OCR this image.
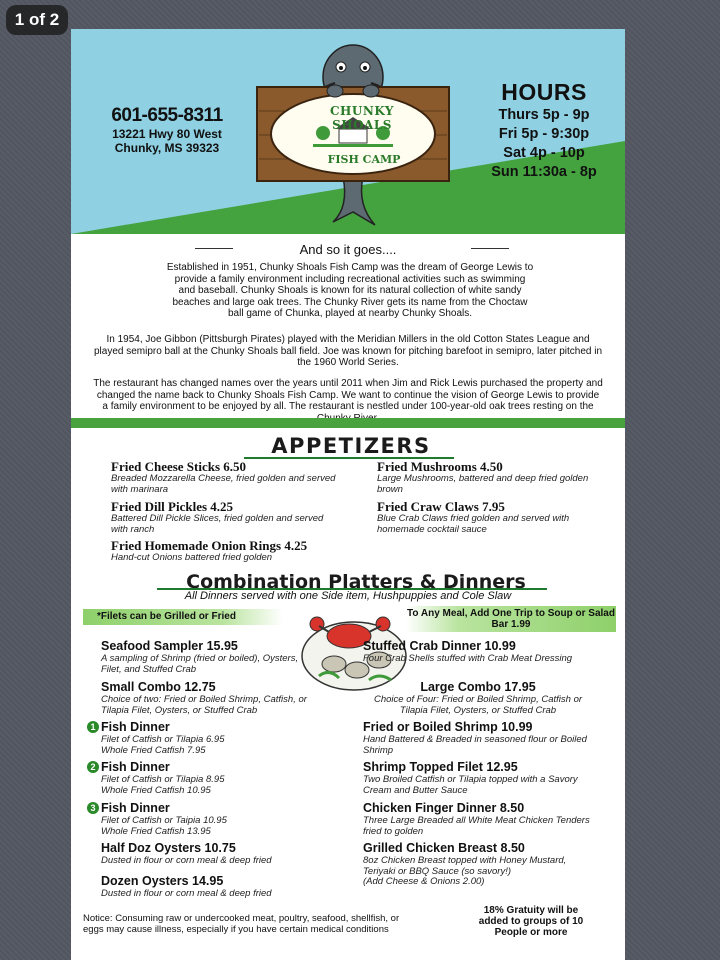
1 of 2
601-655-8311
13221 Hwy 80 West
Chunky, MS 39323
CHUNKY SHOALS
FISH CAMP
HOURS
Thurs 5p - 9p
Fri 5p - 9:30p
Sat 4p - 10p
Sun 11:30a - 8p
And so it goes....

Established in 1951, Chunky Shoals Fish Camp was the dream of George Lewis to provide a family environment including recreational activities such as swimming and baseball. Chunky Shoals is known for its natural collection of white sandy beaches and large oak trees. The Chunky River gets its name from the Choctaw ball game of Chunka, played at nearby Chunky Shoals.

In 1954, Joe Gibbon (Pittsburgh Pirates) played with the Meridian Millers in the old Cotton States League and played semipro ball at the Chunky Shoals ball field. Joe was known for pitching barefoot in semipro, later pitched in the 1960 World Series.

The restaurant has changed names over the years until 2011 when Jim and Rick Lewis purchased the property and changed the name back to Chunky Shoals Fish Camp. We want to continue the vision of George Lewis to provide a family environment to be enjoyed by all. The restaurant is nestled under 100-year-old oak trees resting on the

APPETIZERS
Fried Cheese Sticks 6.50
Breaded Mozzarella Cheese, fried golden and served with marinara
Fried Dill Pickles 4.25
Battered Dill Pickle Slices, fried golden and served with ranch
Fried Homemade Onion Rings 4.25
Hand-cut Onions battered fried golden
Fried Mushrooms 4.50
Large Mushrooms, battered and deep fried golden brown
Fried Craw Claws 7.95
Blue Crab Claws fried golden and served with homemade cocktail sauce
Combination Platters & Dinners
All Dinners served with one Side item, Hushpuppies and Cole Slaw
*Filets can be Grilled or Fried	To Any Meal, Add One Trip to Soup or Salad Bar 1.99
Seafood Sampler 15.95
A sampling of Shrimp (fried or boiled), Oysters, Filet, and Stuffed Crab
Small Combo 12.75
Choice of two: Fried or Boiled Shrimp, Catfish, or Tilapia Filet, Oysters, or Stuffed Crab
1 Fish Dinner
Filet of Catfish or Tilapia 6.95
Whole Fried Catfish 7.95
2 Fish Dinner
Filet of Catfish or Tilapia 8.95
Whole Fried Catfish 10.95
3 Fish Dinner
Filet of Catfish or Taipia 10.95
Whole Fried Catfish 13.95
Half Doz Oysters 10.75
Dusted in flour or corn meal & deep fried
Dozen Oysters 14.95
Dusted in flour or corn meal & deep fried
Stuffed Crab Dinner 10.99
Four Crab Shells stuffed with Crab Meat Dressing
Large Combo 17.95
Choice of Four: Fried or Boiled Shrimp, Catfish or Tilapia Filet, Oysters, or Stuffed Crab
Fried or Boiled Shrimp 10.99
Hand Battered & Breaded in seasoned flour or Boiled Shrimp
Shrimp Topped Filet 12.95
Two Broiled Catfish or Tilapia topped with a Savory Cream and Butter Sauce
Chicken Finger Dinner 8.50
Three Large Breaded all White Meat Chicken Tenders fried to golden
Grilled Chicken Breast 8.50
8oz Chicken Breast topped with Honey Mustard, Teriyaki or BBQ Sauce (so savory!)
(Add Cheese & Onions 2.00)
Notice: Consuming raw or undercooked meat, poultry, seafood, shellfish, or eggs may cause illness, especially if you have certain medical conditions
18% Gratuity will be added to groups of 10 People or more
menupix
